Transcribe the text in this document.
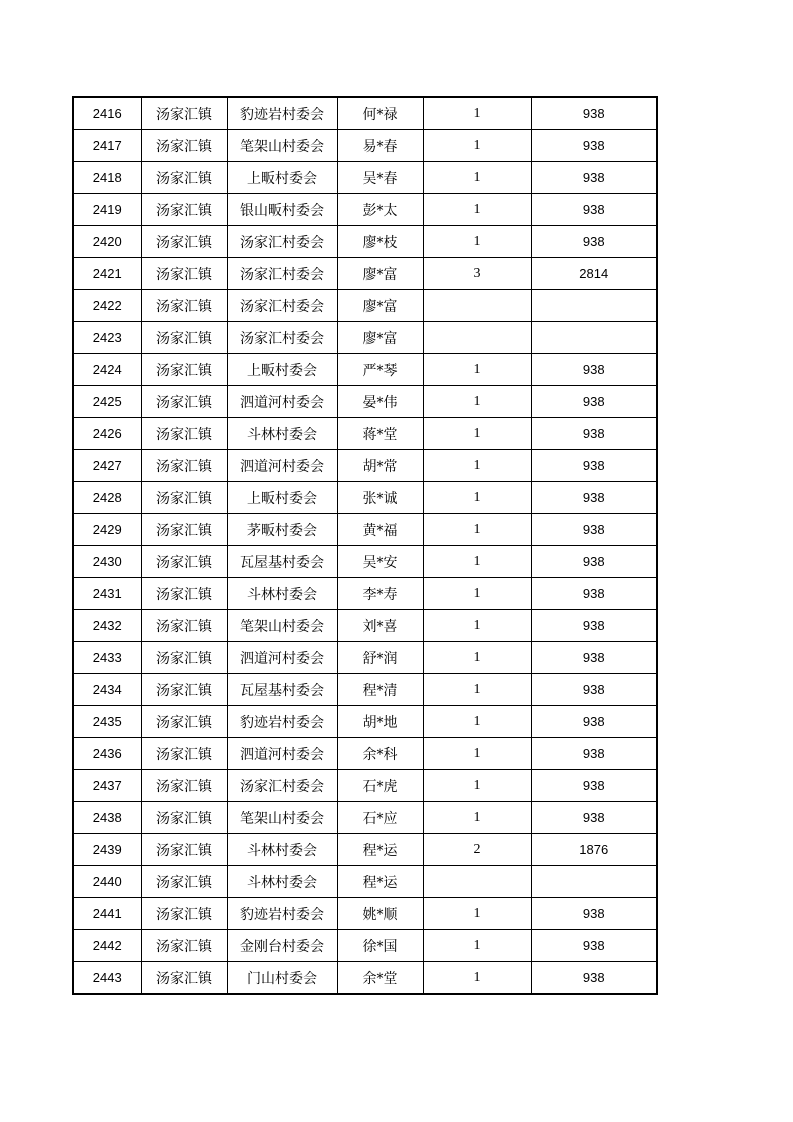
2416	汤家汇镇	豹迹岩村委会	何*禄	1	938
2417	汤家汇镇	笔架山村委会	易*春	1	938
2418	汤家汇镇	上畈村委会	吴*春	1	938
2419	汤家汇镇	银山畈村委会	彭*太	1	938
2420	汤家汇镇	汤家汇村委会	廖*枝	1	938
2421	汤家汇镇	汤家汇村委会	廖*富	3	2814
2422	汤家汇镇	汤家汇村委会	廖*富		
2423	汤家汇镇	汤家汇村委会	廖*富		
2424	汤家汇镇	上畈村委会	严*琴	1	938
2425	汤家汇镇	泗道河村委会	晏*伟	1	938
2426	汤家汇镇	斗林村委会	蒋*堂	1	938
2427	汤家汇镇	泗道河村委会	胡*常	1	938
2428	汤家汇镇	上畈村委会	张*诚	1	938
2429	汤家汇镇	茅畈村委会	黄*福	1	938
2430	汤家汇镇	瓦屋基村委会	吴*安	1	938
2431	汤家汇镇	斗林村委会	李*寿	1	938
2432	汤家汇镇	笔架山村委会	刘*喜	1	938
2433	汤家汇镇	泗道河村委会	舒*润	1	938
2434	汤家汇镇	瓦屋基村委会	程*清	1	938
2435	汤家汇镇	豹迹岩村委会	胡*地	1	938
2436	汤家汇镇	泗道河村委会	余*科	1	938
2437	汤家汇镇	汤家汇村委会	石*虎	1	938
2438	汤家汇镇	笔架山村委会	石*应	1	938
2439	汤家汇镇	斗林村委会	程*运	2	1876
2440	汤家汇镇	斗林村委会	程*运		
2441	汤家汇镇	豹迹岩村委会	姚*顺	1	938
2442	汤家汇镇	金刚台村委会	徐*国	1	938
2443	汤家汇镇	门山村委会	余*堂	1	938
